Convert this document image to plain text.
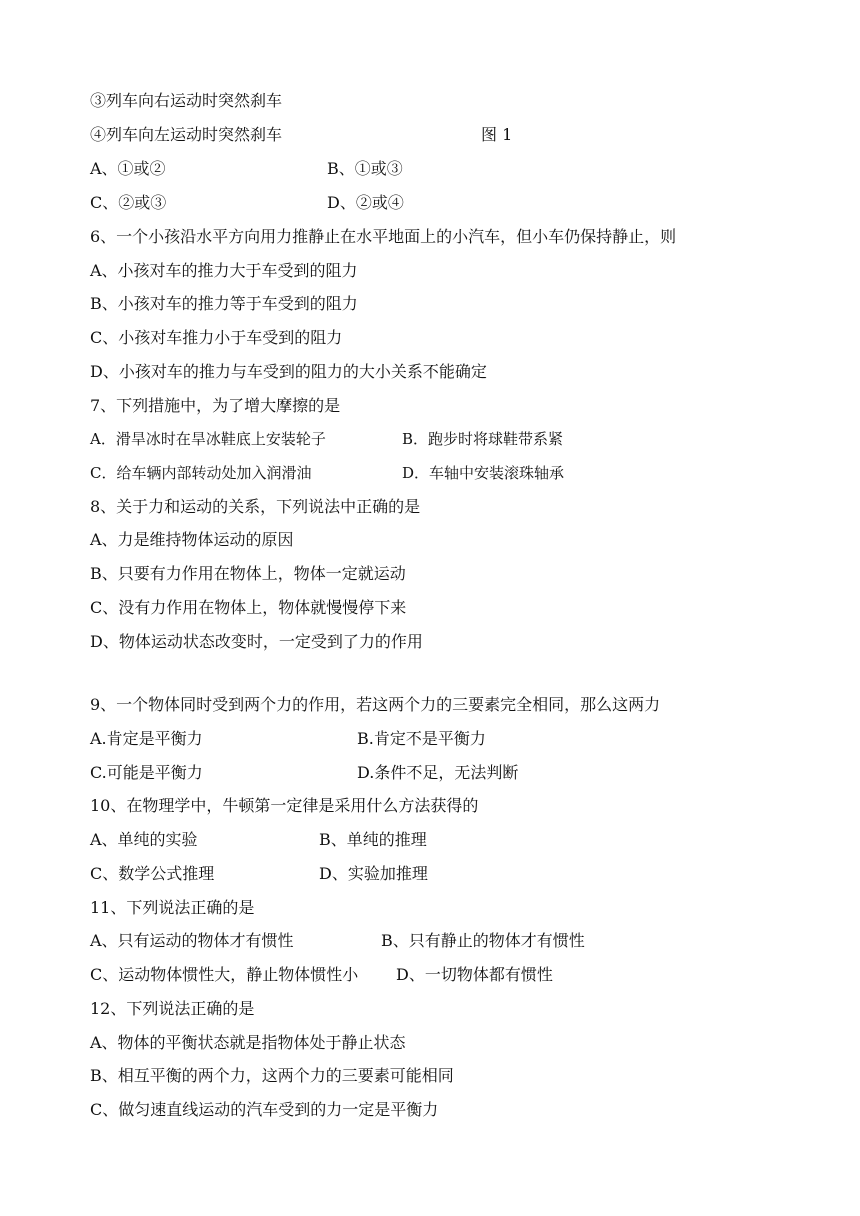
③列车向右运动时突然刹车
④列车向左运动时突然刹车	图 1
A、①或②	B、①或③
C、②或③	D、②或④
6、一个小孩沿水平方向用力推静止在水平地面上的小汽车，但小车仍保持静止，则
A、小孩对车的推力大于车受到的阻力
B、小孩对车的推力等于车受到的阻力
C、小孩对车推力小于车受到的阻力
D、小孩对车的推力与车受到的阻力的大小关系不能确定
7、下列措施中，为了增大摩擦的是
A．滑旱冰时在旱冰鞋底上安装轮子	B．跑步时将球鞋带系紧
C．给车辆内部转动处加入润滑油	D．车轴中安装滚珠轴承
8、关于力和运动的关系，下列说法中正确的是
A、力是维持物体运动的原因
B、只要有力作用在物体上，物体一定就运动
C、没有力作用在物体上，物体就慢慢停下来
D、物体运动状态改变时，一定受到了力的作用
9、一个物体同时受到两个力的作用，若这两个力的三要素完全相同，那么这两力
A.肯定是平衡力	B.肯定不是平衡力
C.可能是平衡力	D.条件不足，无法判断
10、在物理学中，牛顿第一定律是采用什么方法获得的
A、单纯的实验	B、单纯的推理
C、数学公式推理	D、实验加推理
11、下列说法正确的是
A、只有运动的物体才有惯性	B、只有静止的物体才有惯性
C、运动物体惯性大，静止物体惯性小 D、一切物体都有惯性
12、下列说法正确的是
A、物体的平衡状态就是指物体处于静止状态
B、相互平衡的两个力，这两个力的三要素可能相同
C、做匀速直线运动的汽车受到的力一定是平衡力
